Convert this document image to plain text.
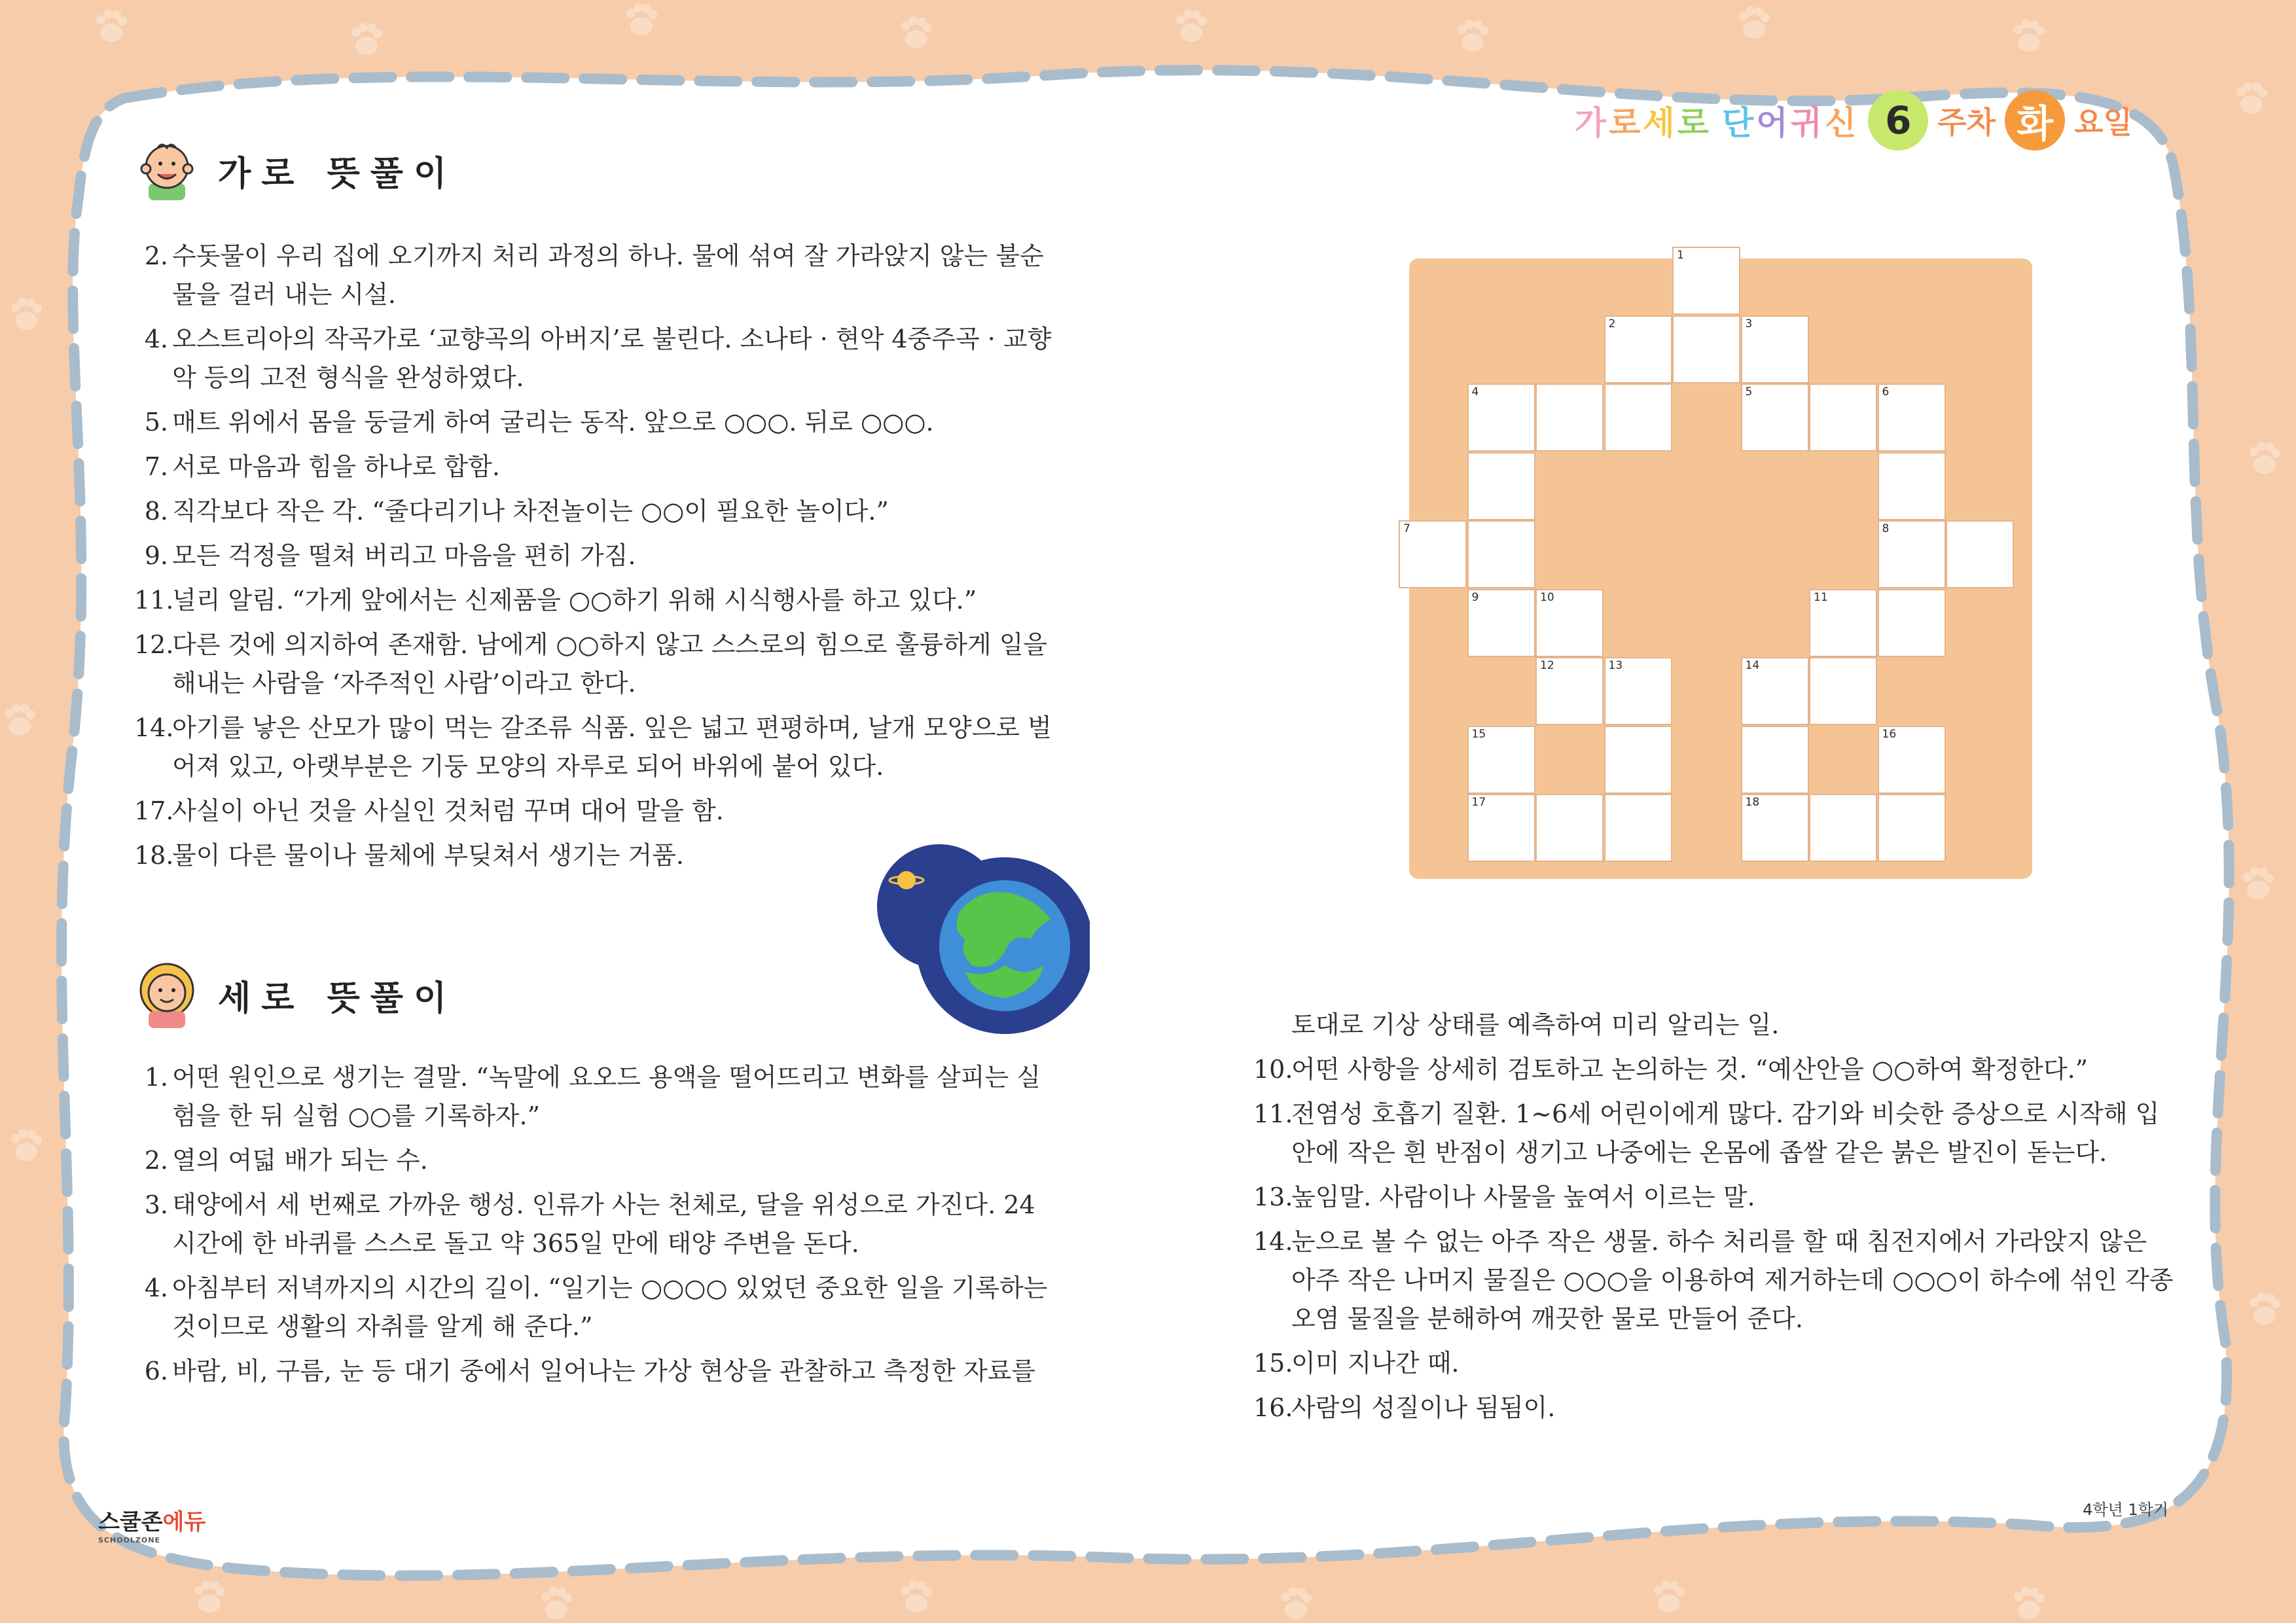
가로세로 단어귀신 6 주차 화 요일
가로 뜻풀이
2. 수돗물이 우리 집에 오기까지 처리 과정의 하나. 물에 섞여 잘 가라앉지 않는 불순물을 걸러 내는 시설.
4. 오스트리아의 작곡가로 ‘교향곡의 아버지’로 불린다. 소나타 · 현악 4중주곡 · 교향악 등의 고전 형식을 완성하였다.
5. 매트 위에서 몸을 둥글게 하여 굴리는 동작. 앞으로 ○○○. 뒤로 ○○○.
7. 서로 마음과 힘을 하나로 합함.
8. 직각보다 작은 각. “줄다리기나 차전놀이는 ○○이 필요한 놀이다.”
9. 모든 걱정을 떨쳐 버리고 마음을 편히 가짐.
11.널리 알림. “가게 앞에서는 신제품을 ○○하기 위해 시식행사를 하고 있다.”
12.다른 것에 의지하여 존재함. 남에게 ○○하지 않고 스스로의 힘으로 훌륭하게 일을 해내는 사람을 ‘자주적인 사람’이라고 한다.
14.아기를 낳은 산모가 많이 먹는 갈조류 식품. 잎은 넓고 편평하며, 날개 모양으로 벌어져 있고, 아랫부분은 기둥 모양의 자루로 되어 바위에 붙어 있다.
17.사실이 아닌 것을 사실인 것처럼 꾸며 대어 말을 함.
18.물이 다른 물이나 물체에 부딪쳐서 생기는 거품.
세로 뜻풀이
1. 어떤 원인으로 생기는 결말. “녹말에 요오드 용액을 떨어뜨리고 변화를 살피는 실험을 한 뒤 실험 ○○를 기록하자.”
2. 열의 여덟 배가 되는 수.
3. 태양에서 세 번째로 가까운 행성. 인류가 사는 천체로, 달을 위성으로 가진다. 24시간에 한 바퀴를 스스로 돌고 약 365일 만에 태양 주변을 돈다.
4. 아침부터 저녁까지의 시간의 길이. “일기는 ○○○○ 있었던 중요한 일을 기록하는 것이므로 생활의 자취를 알게 해 준다.”
6. 바람, 비, 구름, 눈 등 대기 중에서 일어나는 가상 현상을 관찰하고 측정한 자료를
토대로 기상 상태를 예측하여 미리 알리는 일.
10.어떤 사항을 상세히 검토하고 논의하는 것. “예산안을 ○○하여 확정한다.”
11.전염성 호흡기 질환. 1~6세 어린이에게 많다. 감기와 비슷한 증상으로 시작해 입안에 작은 흰 반점이 생기고 나중에는 온몸에 좁쌀 같은 붉은 발진이 돋는다.
13.높임말. 사람이나 사물을 높여서 이르는 말.
14.눈으로 볼 수 없는 아주 작은 생물. 하수 처리를 할 때 침전지에서 가라앉지 않은 아주 작은 나머지 물질은 ○○○을 이용하여 제거하는데 ○○○이 하수에 섞인 각종 오염 물질을 분해하여 깨끗한 물로 만들어 준다.
15.이미 지나간 때.
16.사람의 성질이나 됨됨이.
1
2	3
4	5	6
7	8
9	10	11
12	13	14
15	16
17	18
스쿨존에듀
SCHOOLZONE
4학년 1학기
